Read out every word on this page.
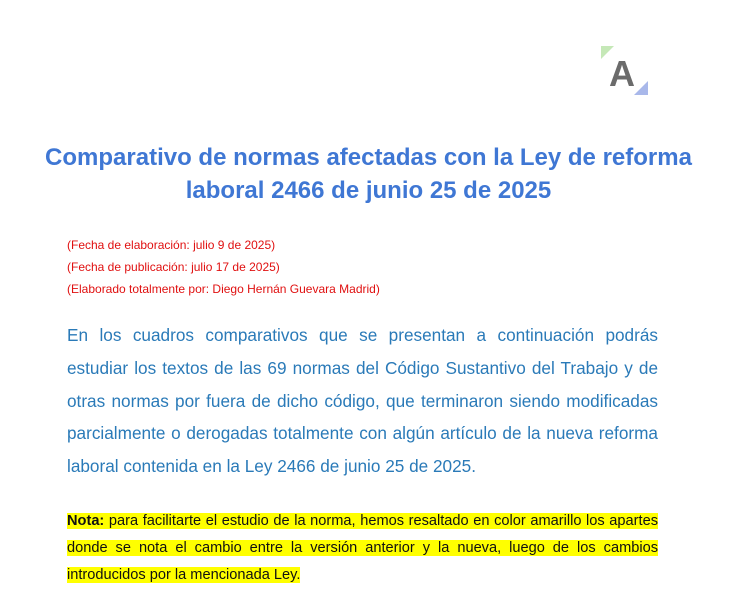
A
Comparativo de normas afectadas con la Ley de reforma laboral 2466 de junio 25 de 2025
(Fecha de elaboración: julio 9 de 2025)
(Fecha de publicación: julio 17 de 2025)
(Elaborado totalmente por: Diego Hernán Guevara Madrid)

En los cuadros comparativos que se presentan a continuación podrás estudiar los textos de las 69 normas del Código Sustantivo del Trabajo y de otras normas por fuera de dicho código, que terminaron siendo modificadas parcialmente o derogadas totalmente con algún artículo de la nueva reforma laboral contenida en la Ley 2466 de junio 25 de 2025.

Nota: para facilitarte el estudio de la norma, hemos resaltado en color amarillo los apartes donde se nota el cambio entre la versión anterior y la nueva, luego de los cambios introducidos por la mencionada Ley.
